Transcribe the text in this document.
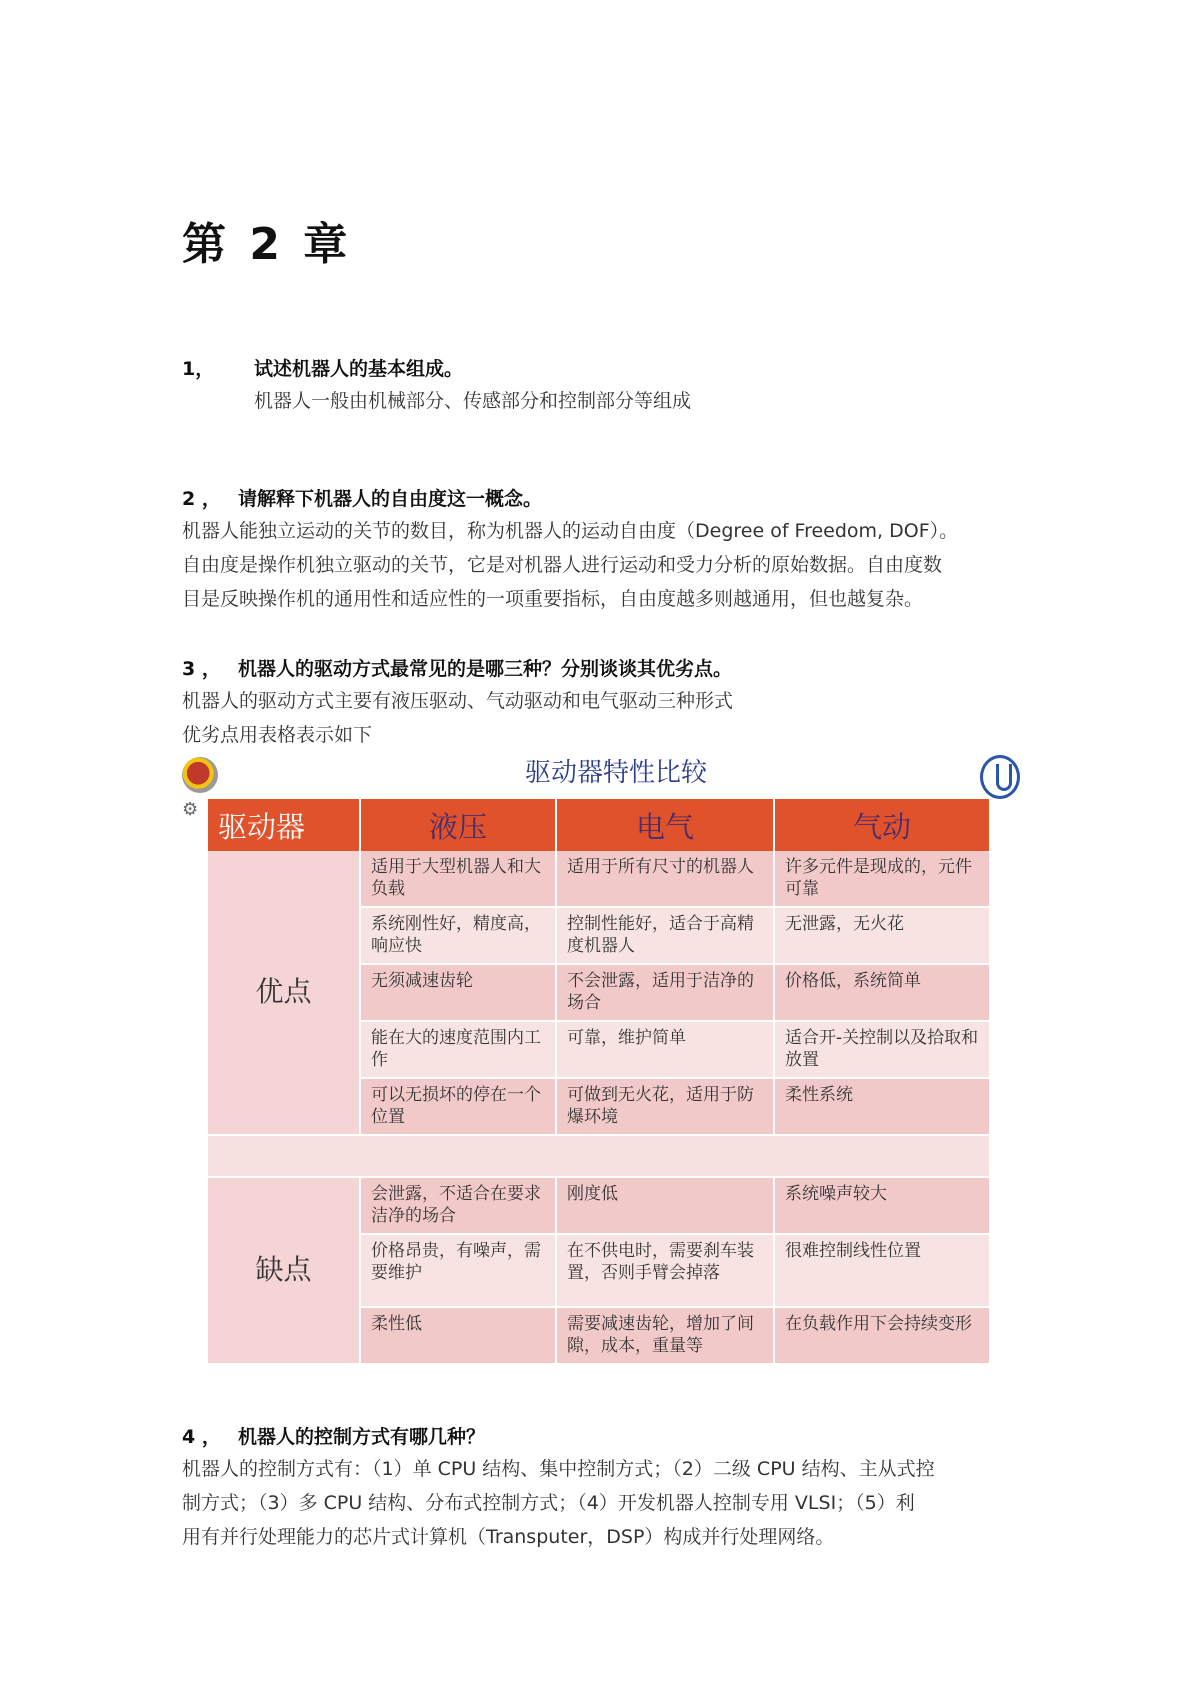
第 2 章
1，	试述机器人的基本组成。
机器人一般由机械部分、传感部分和控制部分等组成
2 ， 请解释下机器人的自由度这一概念。
机器人能独立运动的关节的数目，称为机器人的运动自由度（Degree of Freedom, DOF）。
自由度是操作机独立驱动的关节，它是对机器人进行运动和受力分析的原始数据。自由度数
目是反映操作机的通用性和适应性的一项重要指标，自由度越多则越通用，但也越复杂。
3 ， 机器人的驱动方式最常见的是哪三种？分别谈谈其优劣点。
机器人的驱动方式主要有液压驱动、气动驱动和电气驱动三种形式
优劣点用表格表示如下
⚙
驱动器特性比较
驱动器	液压	电气	气动
优点	适用于大型机器人和大负载	适用于所有尺寸的机器人	许多元件是现成的，元件可靠
	系统刚性好，精度高，响应快	控制性能好，适合于高精度机器人	无泄露，无火花
	无须减速齿轮	不会泄露，适用于洁净的场合	价格低，系统简单
	能在大的速度范围内工作	可靠，维护简单	适合开-关控制以及拾取和放置
	可以无损坏的停在一个位置	可做到无火花，适用于防爆环境	柔性系统

缺点	会泄露，不适合在要求洁净的场合	刚度低	系统噪声较大
	价格昂贵，有噪声，需要维护	在不供电时，需要刹车装置，否则手臂会掉落	很难控制线性位置
	柔性低	需要减速齿轮，增加了间隙，成本，重量等	在负载作用下会持续变形
4 ， 机器人的控制方式有哪几种？
机器人的控制方式有：（1）单 CPU 结构、集中控制方式；（2）二级 CPU 结构、主从式控
制方式；（3）多 CPU 结构、分布式控制方式；（4）开发机器人控制专用 VLSI；（5）利
用有并行处理能力的芯片式计算机（Transputer，DSP）构成并行处理网络。
